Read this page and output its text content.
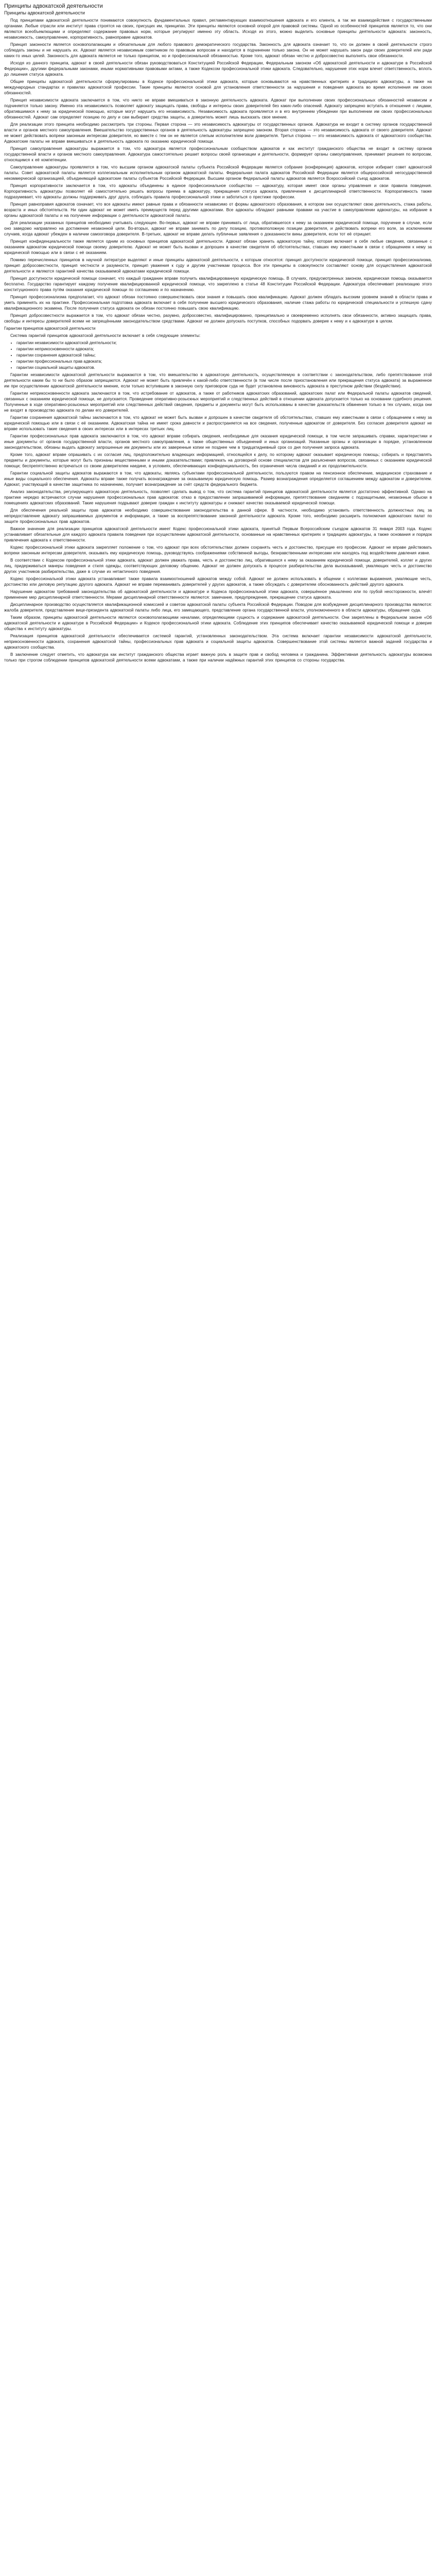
Принципы адвокатской деятельности
Принципы адвокатской деятельности
Под принципами адвокатской деятельности понимаются совокупность фундаментальных правил, регламентирующих взаимоотношения адвоката и его клиента, а так же взаимодействия с государственными органами. Любые отрасли или институт права строятся на своих, присущих им, принципах. Эти принципы являются основной опорой для правовой системы. Одной из особенностей принципов является то, что они являются всеобъемлющими и определяют содержание правовых норм, которые регулируют именно эту область. Исходя из этого, можно выделить основные принципы деятельности адвоката: законность, независимость, самоуправление, корпоративность, равноправие адвокатов.
Принцип законности является основополагающим и обязательным для любого правового демократического государства. Законность для адвоката означает то, что он должен в своей деятельности строго соблюдать законы и не нарушать их. Адвокат является независимым советником по правовым вопросам и находится в подчинении только закона. Он не может нарушать закон ради своих доверителей или ради каких-то иных целей. Законность для адвоката является не только принципом, но и профессиональной обязанностью. Кроме того, адвокат обязан честно и добросовестно выполнять свои обязанности.
Исходя из данного принципа, адвокат в своей деятельности обязан руководствоваться Конституцией Российской Федерации, Федеральным законом «Об адвокатской деятельности и адвокатуре в Российской Федерации», другими федеральными законами, иными нормативными правовыми актами, а также Кодексом профессиональной этики адвоката. Следовательно, нарушение этих норм влечет ответственность, вплоть до лишения статуса адвоката.
Общие принципы адвокатской деятельности сформулированы в Кодексе профессиональной этики адвоката, которые основываются на нравственных критериях и традициях адвокатуры, а также на международных стандартах и правилах адвокатской профессии. Такие принципы являются основой для установления ответственности за нарушения и поведения адвоката во время исполнения им своих обязанностей.
Принцип независимости адвоката заключается в том, что никто не вправе вмешиваться в законную деятельность адвоката. Адвокат при выполнении своих профессиональных обязанностей независим и подчиняется только закону. Именно эта независимость позволяет адвокату защищать права, свободы и интересы своих доверителей без каких-либо опасений. Адвокату запрещено вступать в отношения с лицами, обратившимися к нему за юридической помощью, которые могут нарушить его независимость. Независимость адвоката проявляется и в его внутреннем убеждении при выполнении им своих профессиональных обязанностей. Адвокат сам определяет позицию по делу и сам выбирает средства защиты, а доверитель может лишь высказать свое мнение.
Для реализации этого принципа необходимо рассмотреть три стороны. Первая сторона — это независимость адвокатуры от государственных органов. Адвокатура не входит в систему органов государственной власти и органов местного самоуправления. Вмешательство государственных органов в деятельность адвокатуры запрещено законом. Вторая сторона — это независимость адвоката от своего доверителя. Адвокат не может действовать вопреки законным интересам доверителя, но вместе с тем он не является слепым исполнителем воли доверителя. Третья сторона — это независимость адвоката от адвокатского сообщества. Адвокатские палаты не вправе вмешиваться в деятельность адвоката по оказанию юридической помощи.
Принцип самоуправления адвокатуры выражается в том, что адвокатура является профессиональным сообществом адвокатов и как институт гражданского общества не входит в систему органов государственной власти и органов местного самоуправления. Адвокатура самостоятельно решает вопросы своей организации и деятельности, формирует органы самоуправления, принимает решения по вопросам, относящимся к её компетенции.
Самоуправление адвокатуры проявляется в том, что высшим органом адвокатской палаты субъекта Российской Федерации является собрание (конференция) адвокатов, которое избирает совет адвокатской палаты. Совет адвокатской палаты является коллегиальным исполнительным органом адвокатской палаты. Федеральная палата адвокатов Российской Федерации является общероссийской негосударственной некоммерческой организацией, объединяющей адвокатские палаты субъектов Российской Федерации. Высшим органом Федеральной палаты адвокатов является Всероссийский съезд адвокатов.
Принцип корпоративности заключается в том, что адвокаты объединены в единое профессиональное сообщество — адвокатуру, которая имеет свои органы управления и свои правила поведения. Корпоративность адвокатуры позволяет ей самостоятельно решать вопросы приема в адвокатуру, прекращения статуса адвоката, привлечения к дисциплинарной ответственности. Корпоративность также подразумевает, что адвокаты должны поддерживать друг друга, соблюдать правила профессиональной этики и заботиться о престиже профессии.
Принцип равноправия адвокатов означает, что все адвокаты имеют равные права и обязанности независимо от формы адвокатского образования, в котором они осуществляют свою деятельность, стажа работы, возраста и иных обстоятельств. Ни один адвокат не может иметь преимуществ перед другими адвокатами. Все адвокаты обладают равными правами на участие в самоуправлении адвокатуры, на избрание в органы адвокатской палаты и на получение информации о деятельности адвокатской палаты.
Для реализации указанных принципов необходимо учитывать следующее. Во-первых, адвокат не вправе принимать от лица, обратившегося к нему за оказанием юридической помощи, поручение в случае, если оно заведомо направлено на достижение незаконной цели. Во-вторых, адвокат не вправе занимать по делу позицию, противоположную позиции доверителя, и действовать вопреки его воле, за исключением случаев, когда адвокат убежден в наличии самооговора доверителя. В-третьих, адвокат не вправе делать публичные заявления о доказанности вины доверителя, если тот её отрицает.
Принцип конфиденциальности также является одним из основных принципов адвокатской деятельности. Адвокат обязан хранить адвокатскую тайну, которая включает в себя любые сведения, связанные с оказанием адвокатом юридической помощи своему доверителю. Адвокат не может быть вызван и допрошен в качестве свидетеля об обстоятельствах, ставших ему известными в связи с обращением к нему за юридической помощью или в связи с её оказанием.
Помимо перечисленных принципов в научной литературе выделяют и иные принципы адвокатской деятельности, к которым относятся: принцип доступности юридической помощи, принцип профессионализма, принцип добросовестности, принцип честности и разумности, принцип уважения к суду и другим участникам процесса. Все эти принципы в совокупности составляют основу для осуществления адвокатской деятельности и являются гарантией качества оказываемой адвокатами юридической помощи.
Принцип доступности юридической помощи означает, что каждый гражданин вправе получить квалифицированную юридическую помощь. В случаях, предусмотренных законом, юридическая помощь оказывается бесплатно. Государство гарантирует каждому получение квалифицированной юридической помощи, что закреплено в статье 48 Конституции Российской Федерации. Адвокатура обеспечивает реализацию этого конституционного права путём оказания юридической помощи по соглашению и по назначению.
Принцип профессионализма предполагает, что адвокат обязан постоянно совершенствовать свои знания и повышать свою квалификацию. Адвокат должен обладать высоким уровнем знаний в области права и уметь применять их на практике. Профессиональная подготовка адвоката включает в себя получение высшего юридического образования, наличие стажа работы по юридической специальности и успешную сдачу квалификационного экзамена. После получения статуса адвоката он обязан постоянно повышать свою квалификацию.
Принцип добросовестности выражается в том, что адвокат обязан честно, разумно, добросовестно, квалифицированно, принципиально и своевременно исполнять свои обязанности, активно защищать права, свободы и интересы доверителей всеми не запрещёнными законодательством средствами. Адвокат не должен допускать поступков, способных подорвать доверие к нему и к адвокатуре в целом.
Гарантии принципов адвокатской деятельности
Система гарантий принципов адвокатской деятельности включает в себя следующие элементы:
• гарантии независимости адвокатской деятельности;
• гарантии неприкосновенности адвоката;
• гарантии сохранения адвокатской тайны;
• гарантии профессиональных прав адвоката;
• гарантии социальной защиты адвокатов.
Гарантии независимости адвокатской деятельности выражаются в том, что вмешательство в адвокатскую деятельность, осуществляемую в соответствии с законодательством, либо препятствование этой деятельности каким бы то ни было образом запрещаются. Адвокат не может быть привлечён к какой-либо ответственности (в том числе после приостановления или прекращения статуса адвоката) за выраженное им при осуществлении адвокатской деятельности мнение, если только вступившим в законную силу приговором суда не будет установлена виновность адвоката в преступном действии (бездействии).
Гарантии неприкосновенности адвоката заключаются в том, что истребование от адвокатов, а также от работников адвокатских образований, адвокатских палат или Федеральной палаты адвокатов сведений, связанных с оказанием юридической помощи, не допускается. Проведение оперативно-розыскных мероприятий и следственных действий в отношении адвоката допускается только на основании судебного решения. Полученные в ходе оперативно-розыскных мероприятий или следственных действий сведения, предметы и документы могут быть использованы в качестве доказательств обвинения только в тех случаях, когда они не входят в производство адвоката по делам его доверителей.
Гарантии сохранения адвокатской тайны заключаются в том, что адвокат не может быть вызван и допрошен в качестве свидетеля об обстоятельствах, ставших ему известными в связи с обращением к нему за юридической помощью или в связи с её оказанием. Адвокатская тайна не имеет срока давности и распространяется на все сведения, полученные адвокатом от доверителя. Без согласия доверителя адвокат не вправе использовать такие сведения в своих интересах или в интересах третьих лиц.
Гарантии профессиональных прав адвоката заключаются в том, что адвокат вправе собирать сведения, необходимые для оказания юридической помощи, в том числе запрашивать справки, характеристики и иные документы от органов государственной власти, органов местного самоуправления, а также общественных объединений и иных организаций. Указанные органы и организации в порядке, установленном законодательством, обязаны выдать адвокату запрошенные им документы или их заверенные копии не позднее чем в тридцатидневный срок со дня получения запроса адвоката.
Кроме того, адвокат вправе опрашивать с их согласия лиц, предположительно владеющих информацией, относящейся к делу, по которому адвокат оказывает юридическую помощь; собирать и представлять предметы и документы, которые могут быть признаны вещественными и иными доказательствами; привлекать на договорной основе специалистов для разъяснения вопросов, связанных с оказанием юридической помощи; беспрепятственно встречаться со своим доверителем наедине, в условиях, обеспечивающих конфиденциальность, без ограничения числа свиданий и их продолжительности.
Гарантии социальной защиты адвокатов выражаются в том, что адвокаты, являясь субъектами профессиональной деятельности, пользуются правом на пенсионное обеспечение, медицинское страхование и иные виды социального обеспечения. Адвокаты вправе также получать вознаграждение за оказываемую юридическую помощь. Размер вознаграждения определяется соглашением между адвокатом и доверителем. Адвокат, участвующий в качестве защитника по назначению, получает вознаграждение за счёт средств федерального бюджета.
Анализ законодательства, регулирующего адвокатскую деятельность, позволяет сделать вывод о том, что система гарантий принципов адвокатской деятельности является достаточно эффективной. Однако на практике нередко встречаются случаи нарушения профессиональных прав адвокатов: отказ в предоставлении запрашиваемой информации, препятствование свиданиям с подзащитными, незаконные обыски в помещениях адвокатских образований. Такие нарушения подрывают доверие граждан к институту адвокатуры и снижают качество оказываемой юридической помощи.
Для обеспечения реальной защиты прав адвокатов необходимо совершенствование законодательства в данной сфере. В частности, необходимо установить ответственность должностных лиц за непредоставление адвокату запрашиваемых документов и информации, а также за воспрепятствование законной деятельности адвоката. Кроме того, необходимо расширить полномочия адвокатских палат по защите профессиональных прав адвокатов.
Важное значение для реализации принципов адвокатской деятельности имеет Кодекс профессиональной этики адвоката, принятый Первым Всероссийским съездом адвокатов 31 января 2003 года. Кодекс устанавливает обязательные для каждого адвоката правила поведения при осуществлении адвокатской деятельности, основанные на нравственных критериях и традициях адвокатуры, а также основания и порядок привлечения адвоката к ответственности.
Кодекс профессиональной этики адвоката закрепляет положение о том, что адвокат при всех обстоятельствах должен сохранять честь и достоинство, присущие его профессии. Адвокат не вправе действовать вопреки законным интересам доверителя, оказывать ему юридическую помощь, руководствуясь соображениями собственной выгоды, безнравственными интересами или находясь под воздействием давления извне.
В соответствии с Кодексом профессиональной этики адвоката, адвокат должен уважать права, честь и достоинство лиц, обратившихся к нему за оказанием юридической помощи, доверителей, коллег и других лиц, придерживаться манеры поведения и стиля одежды, соответствующих деловому общению. Адвокат не должен допускать в процессе разбирательства дела высказываний, умаляющих честь и достоинство других участников разбирательства, даже в случае их нетактичного поведения.
Кодекс профессиональной этики адвоката устанавливает также правила взаимоотношений адвокатов между собой. Адвокат не должен использовать в общении с коллегами выражения, умаляющие честь, достоинство или деловую репутацию другого адвоката. Адвокат не вправе переманивать доверителей у других адвокатов, а также обсуждать с доверителем обоснованность действий другого адвоката.
Нарушение адвокатом требований законодательства об адвокатской деятельности и адвокатуре и Кодекса профессиональной этики адвоката, совершённое умышленно или по грубой неосторожности, влечёт применение мер дисциплинарной ответственности. Мерами дисциплинарной ответственности являются: замечание, предупреждение, прекращение статуса адвоката.
Дисциплинарное производство осуществляется квалификационной комиссией и советом адвокатской палаты субъекта Российской Федерации. Поводом для возбуждения дисциплинарного производства являются: жалоба доверителя, представление вице-президента адвокатской палаты либо лица, его замещающего, представление органа государственной власти, уполномоченного в области адвокатуры, обращение суда.
Таким образом, принципы адвокатской деятельности являются основополагающими началами, определяющими сущность и содержание адвокатской деятельности. Они закреплены в Федеральном законе «Об адвокатской деятельности и адвокатуре в Российской Федерации» и Кодексе профессиональной этики адвоката. Соблюдение этих принципов обеспечивает качество оказываемой юридической помощи и доверие общества к институту адвокатуры.
Реализация принципов адвокатской деятельности обеспечивается системой гарантий, установленных законодательством. Эта система включает гарантии независимости адвокатской деятельности, неприкосновенности адвоката, сохранения адвокатской тайны, профессиональных прав адвоката и социальной защиты адвокатов. Совершенствование этой системы является важной задачей государства и адвокатского сообщества.
В заключение следует отметить, что адвокатура как институт гражданского общества играет важную роль в защите прав и свобод человека и гражданина. Эффективная деятельность адвокатуры возможна только при строгом соблюдении принципов адвокатской деятельности всеми адвокатами, а также при наличии надёжных гарантий этих принципов со стороны государства.
